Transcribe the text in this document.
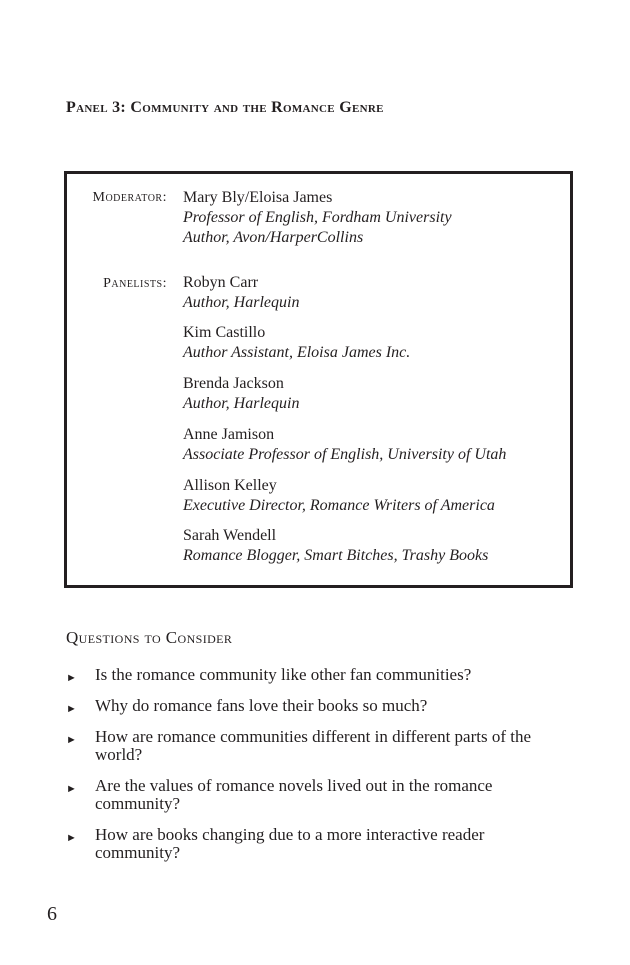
Panel 3: Community and the Romance Genre
Moderator: Mary Bly/Eloisa James
Professor of English, Fordham University
Author, Avon/HarperCollins
Panelists: Robyn Carr
Author, Harlequin
Kim Castillo
Author Assistant, Eloisa James Inc.
Brenda Jackson
Author, Harlequin
Anne Jamison
Associate Professor of English, University of Utah
Allison Kelley
Executive Director, Romance Writers of America
Sarah Wendell
Romance Blogger, Smart Bitches, Trashy Books
Questions to Consider
► Is the romance community like other fan communities?
► Why do romance fans love their books so much?
► How are romance communities different in different parts of the world?
► Are the values of romance novels lived out in the romance community?
► How are books changing due to a more interactive reader community?
6
